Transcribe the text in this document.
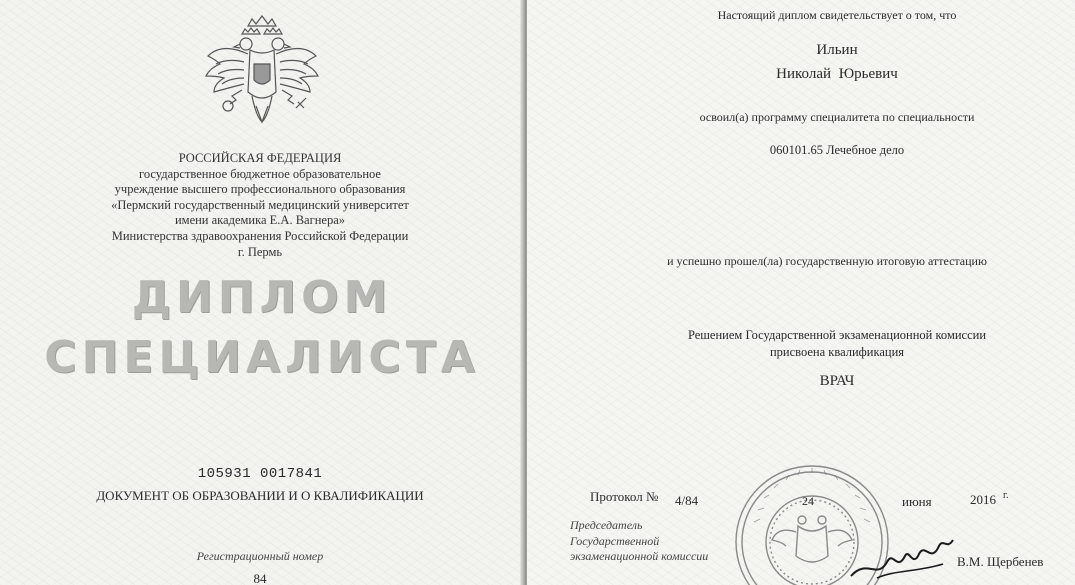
РОССИЙСКАЯ ФЕДЕРАЦИЯ
государственное бюджетное образовательное
учреждение высшего профессионального образования
«Пермский государственный медицинский университет
имени академика Е.А. Вагнера»
Министерства здравоохранения Российской Федерации
г. Пермь
ДИПЛОМ
СПЕЦИАЛИСТА
105931 0017841
ДОКУМЕНТ ОБ ОБРАЗОВАНИИ И О КВАЛИФИКАЦИИ
Регистрационный номер
84
Настоящий диплом свидетельствует о том, что
Ильин
Николай Юрьевич
освоил(а) программу специалитета по специальности
060101.65 Лечебное дело
и успешно прошел(ла) государственную итоговую аттестацию
Решением Государственной экзаменационной комиссии
присвоена квалификация
ВРАЧ
Протокол № 4/84	24	июня	2016 г.
Председатель
Государственной
экзаменационной комиссии	В.М. Щербенев
